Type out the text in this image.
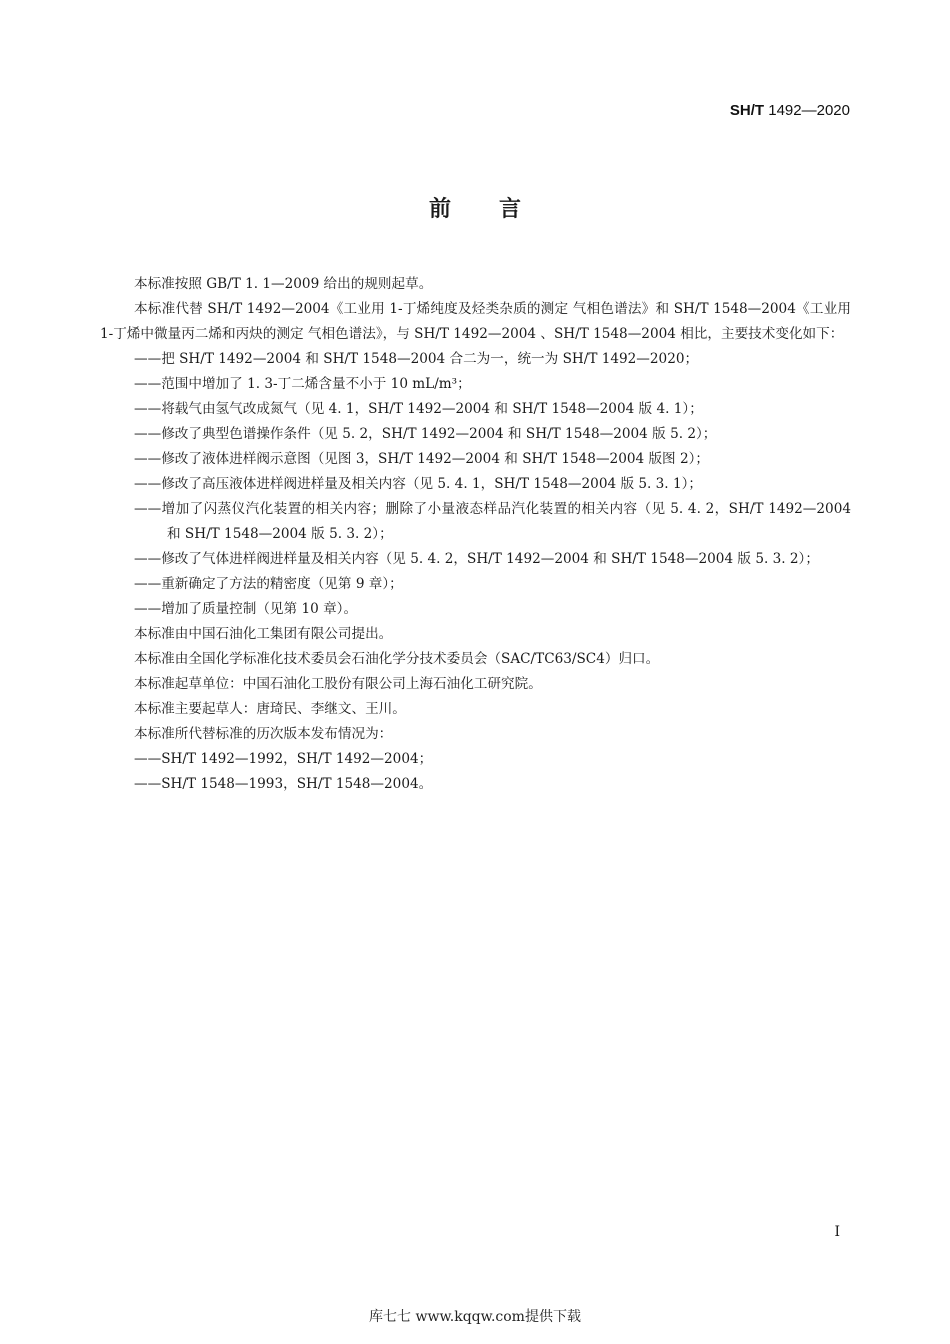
SH/T 1492—2020
前言

本标准按照 GB/T 1. 1—2009 给出的规则起草。

本标准代替 SH/T 1492—2004《工业用 1-丁烯纯度及烃类杂质的测定 气相色谱法》和 SH/T 1548—2004《工业用 1-丁烯中微量丙二烯和丙炔的测定 气相色谱法》，与 SH/T 1492—2004 、SH/T 1548—2004 相比，主要技术变化如下：

——把 SH/T 1492—2004 和 SH/T 1548—2004 合二为一，统一为 SH/T 1492—2020；

——范围中增加了 1. 3-丁二烯含量不小于 10 mL/m³；

——将载气由氢气改成氮气（见 4. 1，SH/T 1492—2004 和 SH/T 1548—2004 版 4. 1）；

——修改了典型色谱操作条件（见 5. 2，SH/T 1492—2004 和 SH/T 1548—2004 版 5. 2）；

——修改了液体进样阀示意图（见图 3，SH/T 1492—2004 和 SH/T 1548—2004 版图 2）；

——修改了高压液体进样阀进样量及相关内容（见 5. 4. 1，SH/T 1548—2004 版 5. 3. 1）；

——增加了闪蒸仪汽化装置的相关内容；删除了小量液态样品汽化装置的相关内容（见 5. 4. 2，SH/T 1492—2004 和 SH/T 1548—2004 版 5. 3. 2）；

——修改了气体进样阀进样量及相关内容（见 5. 4. 2，SH/T 1492—2004 和 SH/T 1548—2004 版 5. 3. 2）；

——重新确定了方法的精密度（见第 9 章）；

——增加了质量控制（见第 10 章）。

本标准由中国石油化工集团有限公司提出。

本标准由全国化学标准化技术委员会石油化学分技术委员会（SAC/TC63/SC4）归口。

本标准起草单位：中国石油化工股份有限公司上海石油化工研究院。

本标准主要起草人：唐琦民、李继文、王川。

本标准所代替标准的历次版本发布情况为：

——SH/T 1492—1992，SH/T 1492—2004；

——SH/T 1548—1993，SH/T 1548—2004。

I
库七七 www.kqqw.com提供下载
